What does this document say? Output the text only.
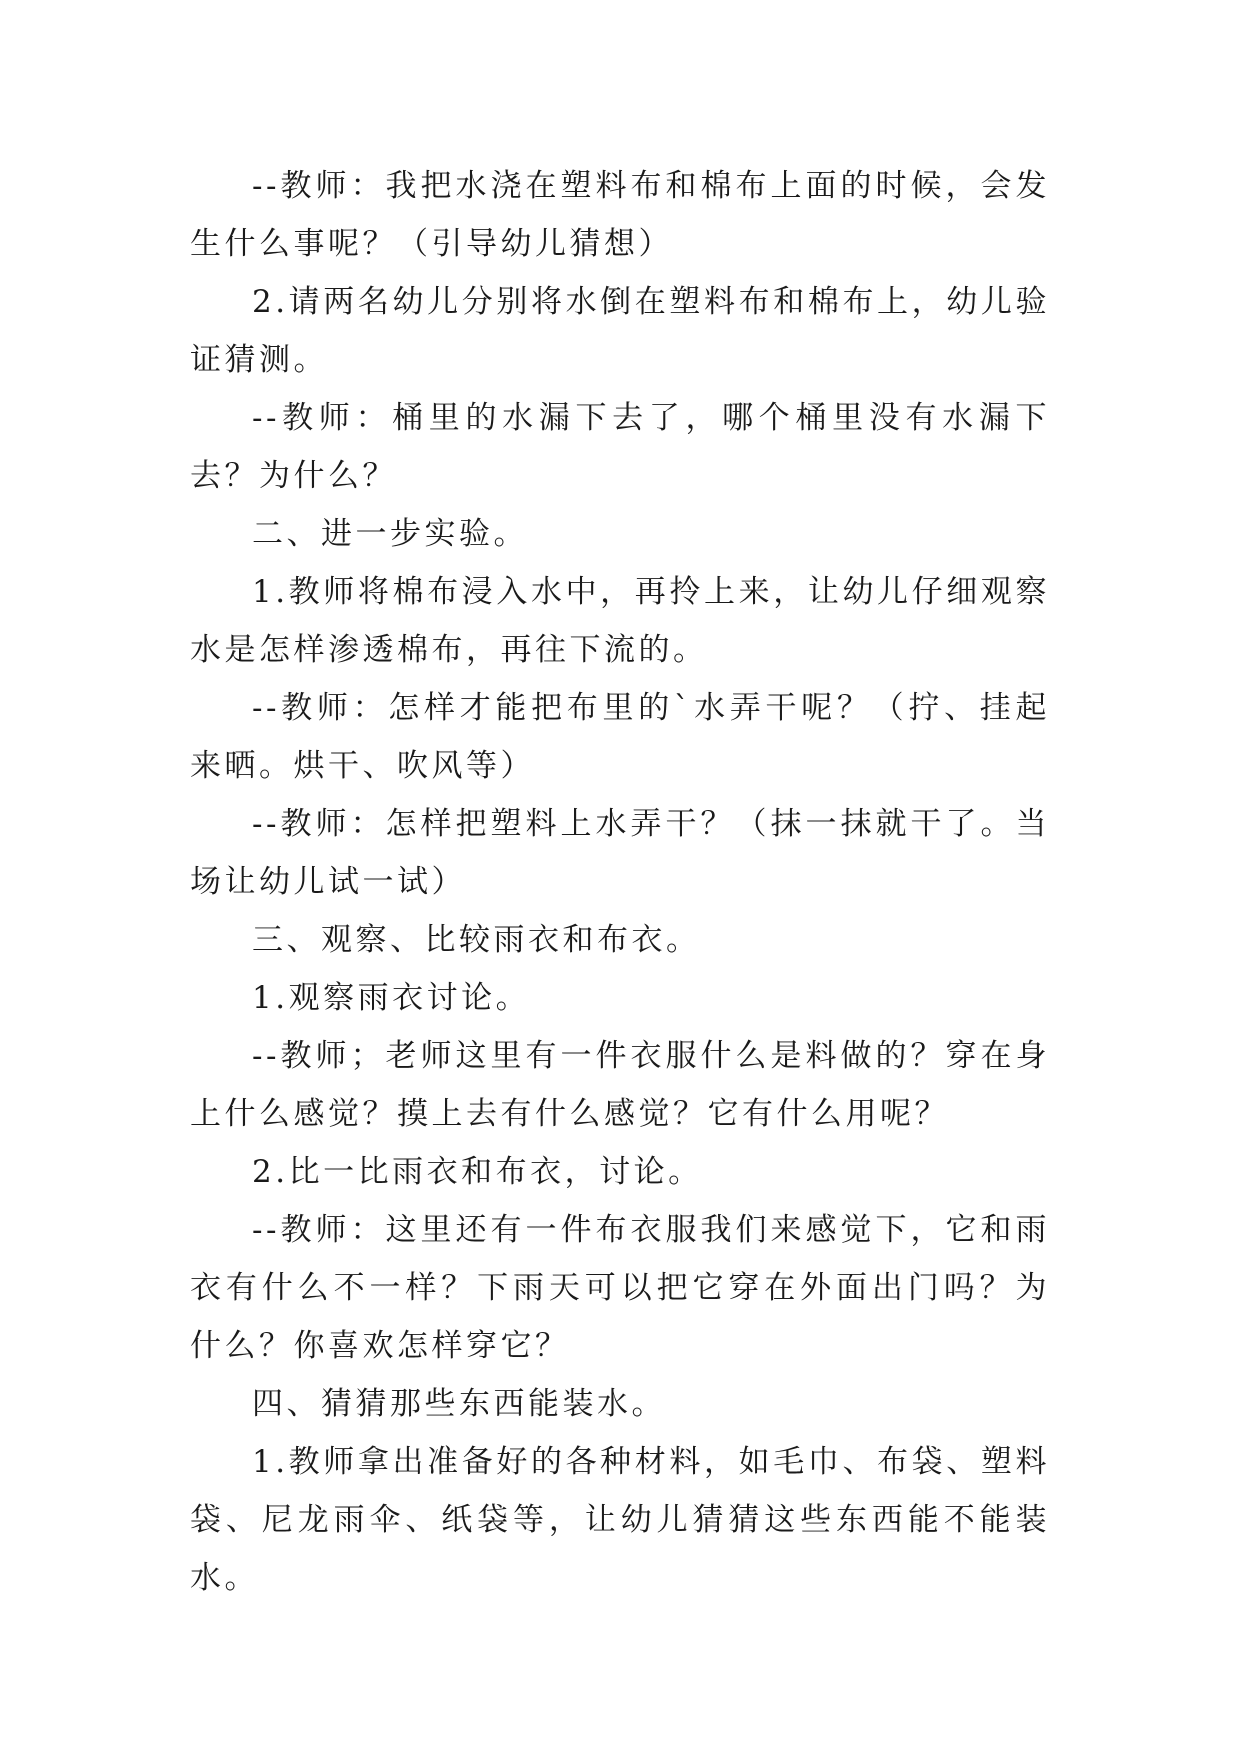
--教师：我把水浇在塑料布和棉布上面的时候，会发生什么事呢？（引导幼儿猜想）

2.请两名幼儿分别将水倒在塑料布和棉布上，幼儿验证猜测。

--教师：桶里的水漏下去了，哪个桶里没有水漏下去？为什么？

二、进一步实验。

1.教师将棉布浸入水中，再拎上来，让幼儿仔细观察水是怎样渗透棉布，再往下流的。

--教师：怎样才能把布里的`水弄干呢？（拧、挂起来晒。烘干、吹风等）

--教师：怎样把塑料上水弄干？（抹一抹就干了。当场让幼儿试一试）

三、观察、比较雨衣和布衣。

1.观察雨衣讨论。

--教师；老师这里有一件衣服什么是料做的？穿在身上什么感觉？摸上去有什么感觉？它有什么用呢？

2.比一比雨衣和布衣，讨论。

--教师：这里还有一件布衣服我们来感觉下，它和雨衣有什么不一样？下雨天可以把它穿在外面出门吗？为什么？你喜欢怎样穿它？

四、猜猜那些东西能装水。

1.教师拿出准备好的各种材料，如毛巾、布袋、塑料袋、尼龙雨伞、纸袋等，让幼儿猜猜这些东西能不能装水。
